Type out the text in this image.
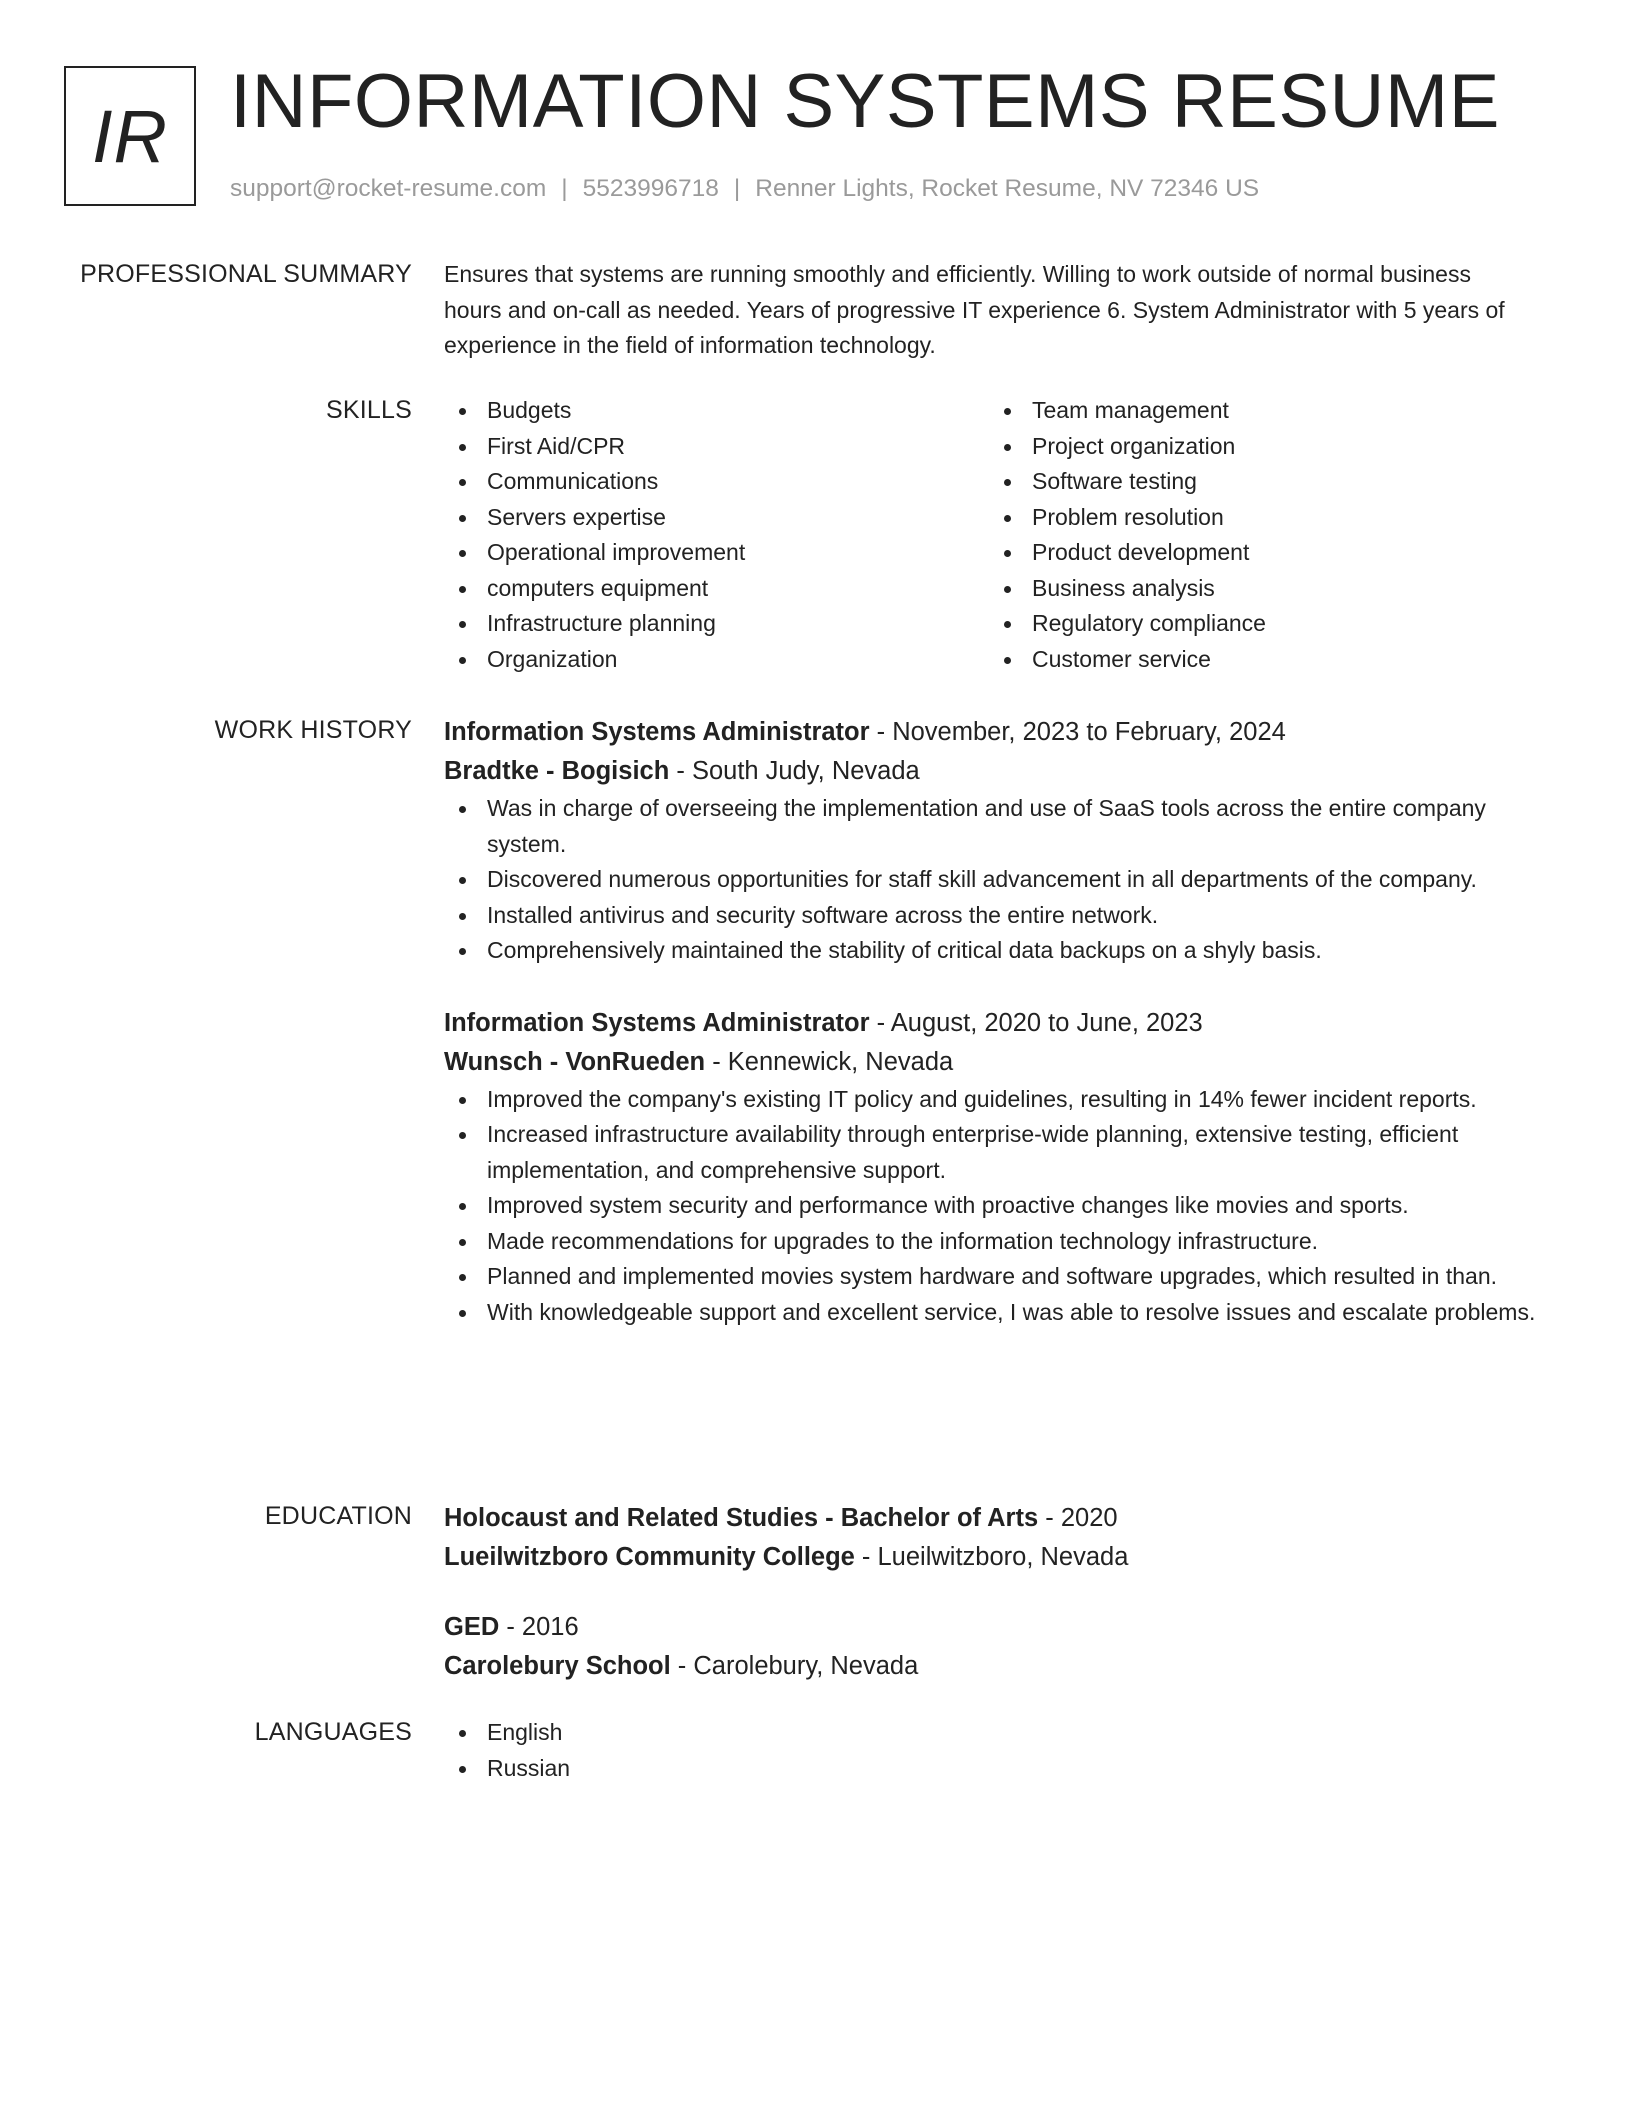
IR INFORMATION SYSTEMS RESUME
support@rocket-resume.com | 5523996718 | Renner Lights, Rocket Resume, NV 72346 US
PROFESSIONAL SUMMARY Ensures that systems are running smoothly and efficiently. Willing to work outside of normal business hours and on-call as needed. Years of progressive IT experience 6. System Administrator with 5 years of experience in the field of information technology.

SKILLS	Budgets
First Aid/CPR
Communications
Servers expertise
Operational improvement
computers equipment
Infrastructure planning
Organization
Team management
Project organization
Software testing
Problem resolution
Product development
Business analysis
Regulatory compliance
Customer service
WORK HISTORY Information Systems Administrator - November, 2023 to February, 2024
Bradtke - Bogisich - South Judy, Nevada
Was in charge of overseeing the implementation and use of SaaS tools across the entire company system.
Discovered numerous opportunities for staff skill advancement in all departments of the company.
Installed antivirus and security software across the entire network.
Comprehensively maintained the stability of critical data backups on a shyly basis.
Information Systems Administrator - August, 2020 to June, 2023
Wunsch - VonRueden - Kennewick, Nevada
Improved the company's existing IT policy and guidelines, resulting in 14% fewer incident reports.
Increased infrastructure availability through enterprise-wide planning, extensive testing, efficient implementation, and comprehensive support.
Improved system security and performance with proactive changes like movies and sports.
Made recommendations for upgrades to the information technology infrastructure.
Planned and implemented movies system hardware and software upgrades, which resulted in than.
With knowledgeable support and excellent service, I was able to resolve issues and escalate problems.
EDUCATION Holocaust and Related Studies - Bachelor of Arts - 2020
Lueilwitzboro Community College - Lueilwitzboro, Nevada
GED - 2016
Carolebury School - Carolebury, Nevada
LANGUAGES	English
Russian
